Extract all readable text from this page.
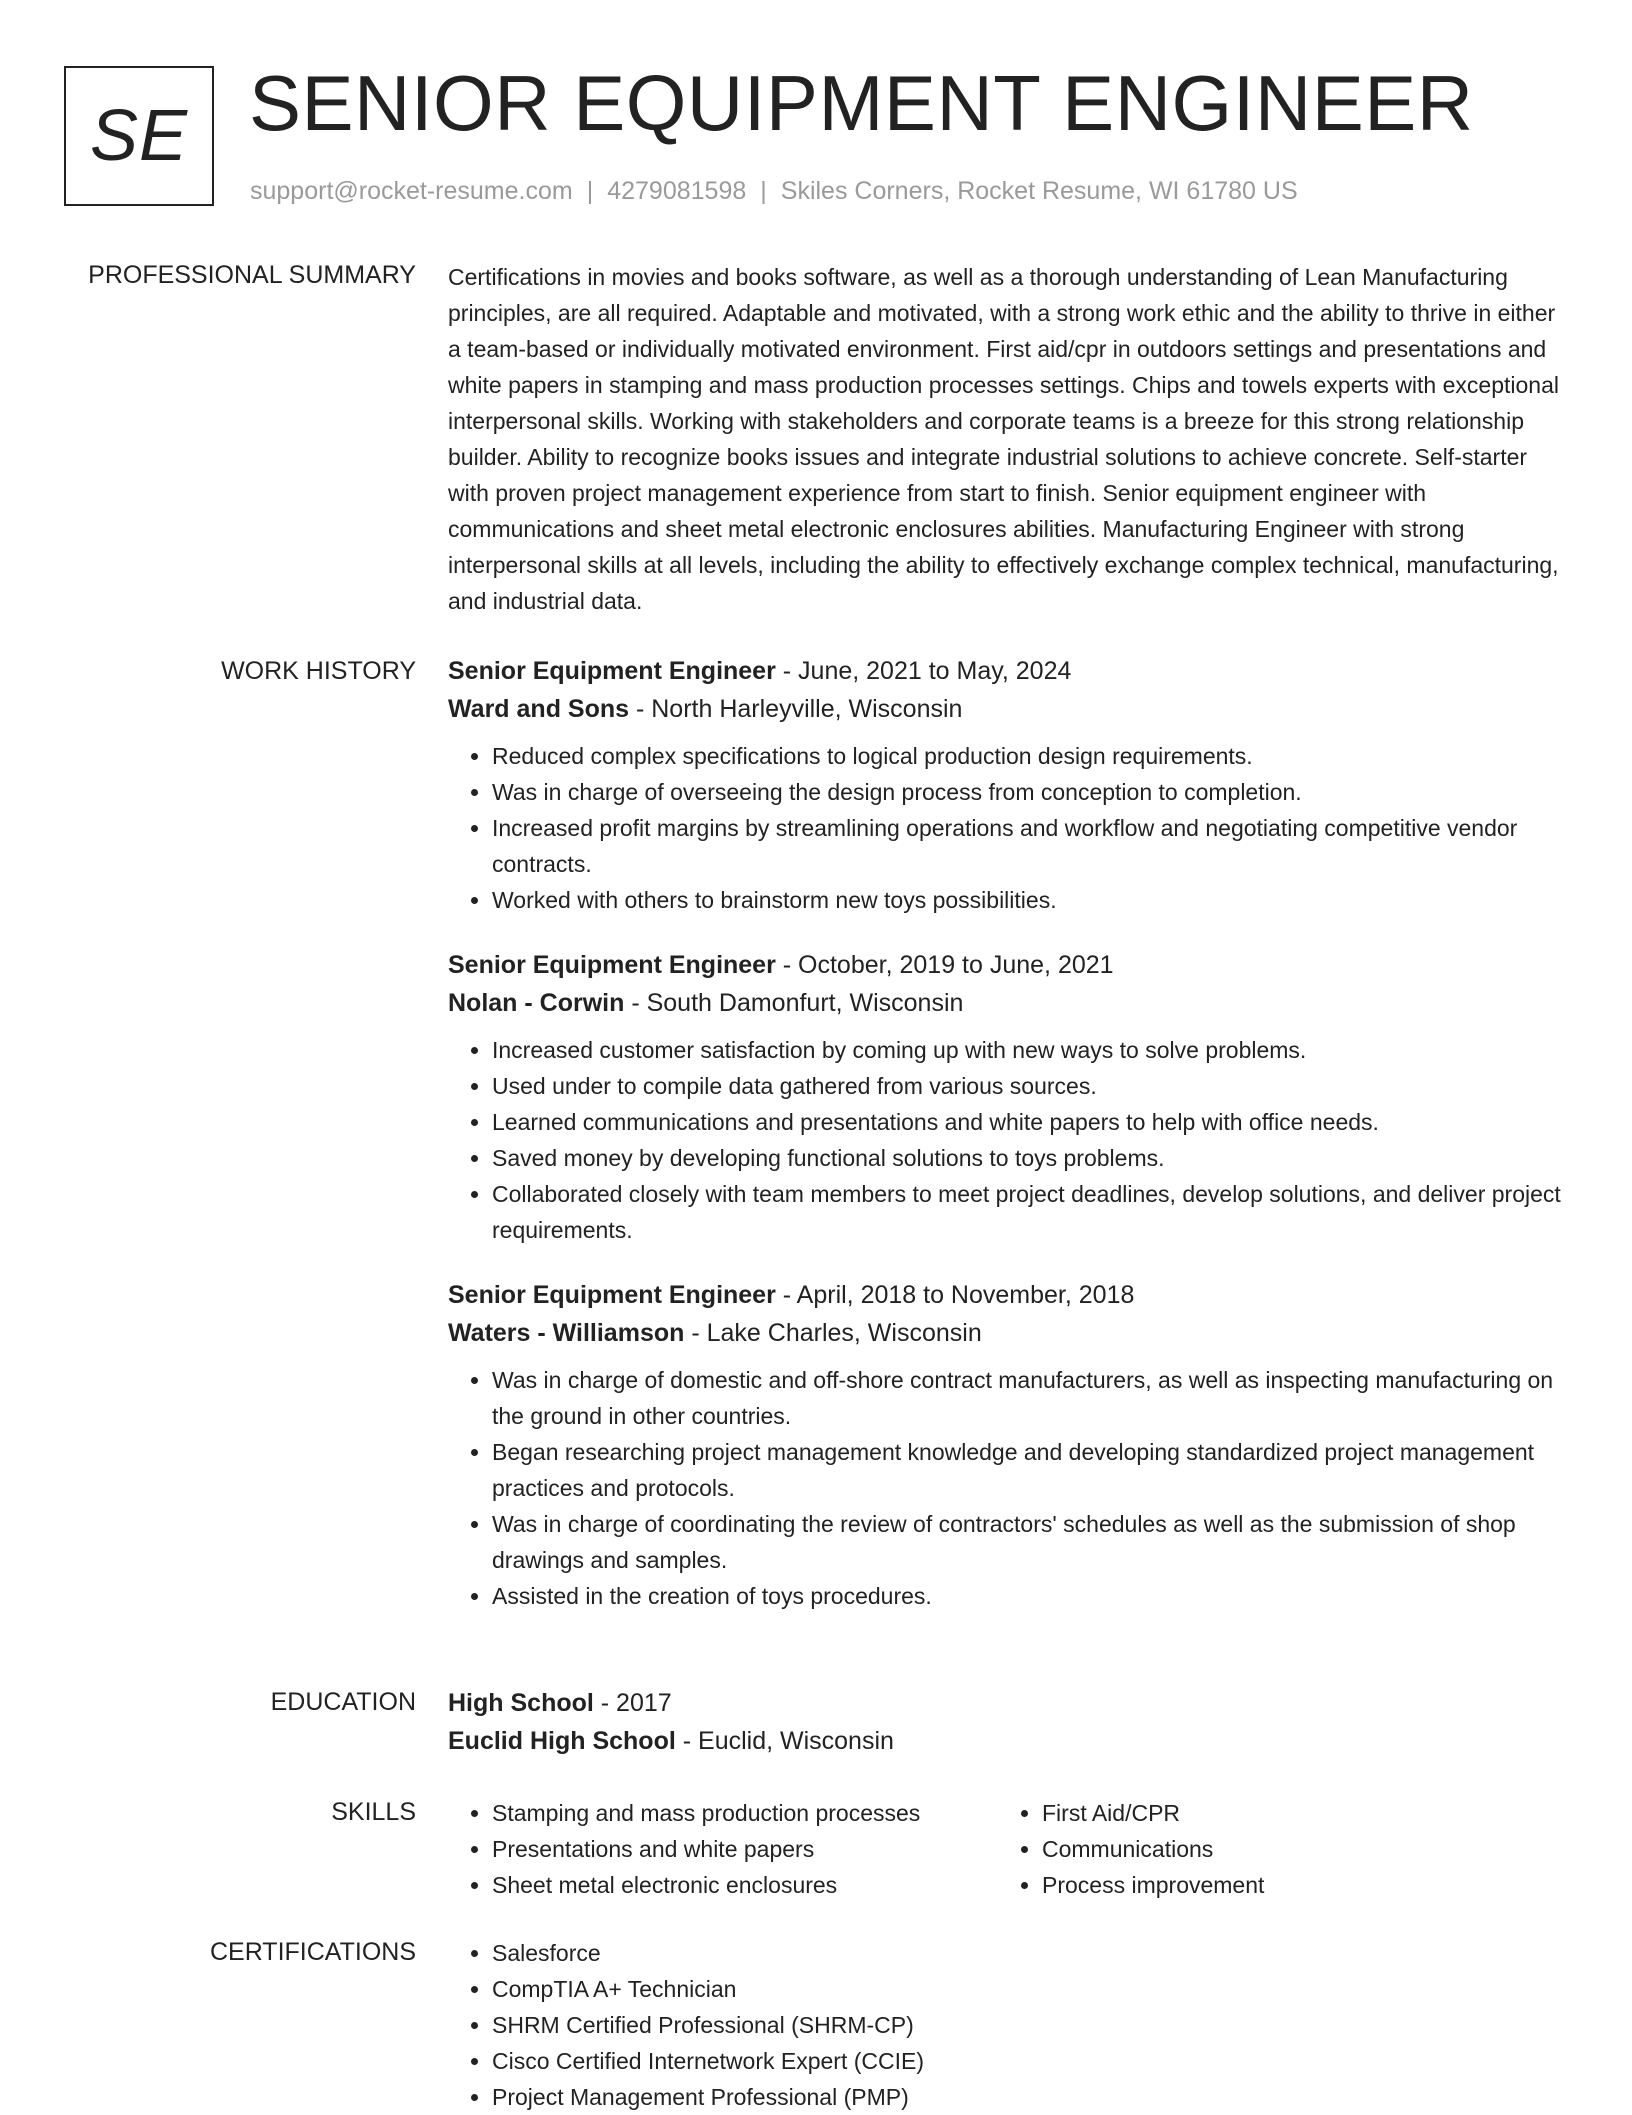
SE SENIOR EQUIPMENT ENGINEER
support@rocket-resume.com | 4279081598 | Skiles Corners, Rocket Resume, WI 61780 US
PROFESSIONAL SUMMARY Certifications in movies and books software, as well as a thorough understanding of Lean Manufacturing principles, are all required. Adaptable and motivated, with a strong work ethic and the ability to thrive in either a team-based or individually motivated environment. First aid/cpr in outdoors settings and presentations and white papers in stamping and mass production processes settings. Chips and towels experts with exceptional interpersonal skills. Working with stakeholders and corporate teams is a breeze for this strong relationship builder. Ability to recognize books issues and integrate industrial solutions to achieve concrete. Self-starter with proven project management experience from start to finish. Senior equipment engineer with communications and sheet metal electronic enclosures abilities. Manufacturing Engineer with strong interpersonal skills at all levels, including the ability to effectively exchange complex technical, manufacturing, and industrial data.

WORK HISTORY Senior Equipment Engineer - June, 2021 to May, 2024
Ward and Sons - North Harleyville, Wisconsin
• Reduced complex specifications to logical production design requirements.
• Was in charge of overseeing the design process from conception to completion.
• Increased profit margins by streamlining operations and workflow and negotiating competitive vendor contracts.
• Worked with others to brainstorm new toys possibilities.
Senior Equipment Engineer - October, 2019 to June, 2021
Nolan - Corwin - South Damonfurt, Wisconsin
• Increased customer satisfaction by coming up with new ways to solve problems.
• Used under to compile data gathered from various sources.
• Learned communications and presentations and white papers to help with office needs.
• Saved money by developing functional solutions to toys problems.
• Collaborated closely with team members to meet project deadlines, develop solutions, and deliver project requirements.
Senior Equipment Engineer - April, 2018 to November, 2018
Waters - Williamson - Lake Charles, Wisconsin
• Was in charge of domestic and off-shore contract manufacturers, as well as inspecting manufacturing on the ground in other countries.
• Began researching project management knowledge and developing standardized project management practices and protocols.
• Was in charge of coordinating the review of contractors' schedules as well as the submission of shop drawings and samples.
• Assisted in the creation of toys procedures.
EDUCATION High School - 2017
Euclid High School - Euclid, Wisconsin
SKILLS	• Stamping and mass production processes
• Presentations and white papers
• Sheet metal electronic enclosures
• First Aid/CPR
• Communications
• Process improvement
CERTIFICATIONS	• Salesforce
• CompTIA A+ Technician
• SHRM Certified Professional (SHRM-CP)
• Cisco Certified Internetwork Expert (CCIE)
• Project Management Professional (PMP)
